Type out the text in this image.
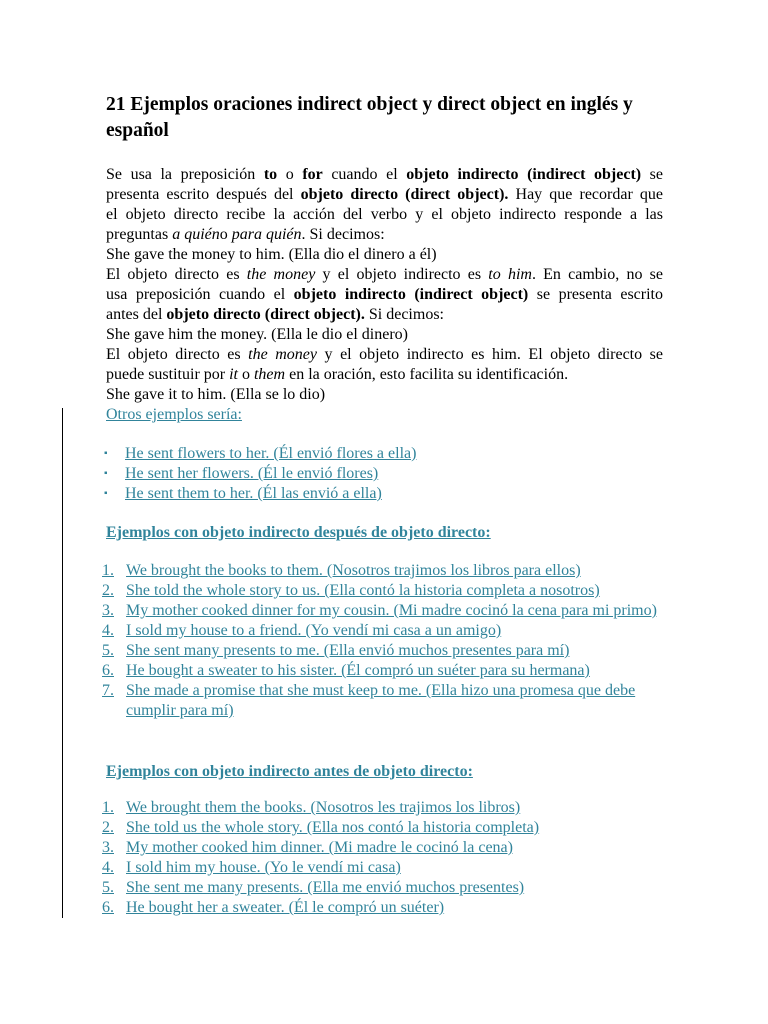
21 Ejemplos oraciones indirect object y direct object en inglés y español
Se usa la preposición to o for cuando el objeto indirecto (indirect object) se
presenta escrito después del objeto directo (direct object). Hay que recordar que
el objeto directo recibe la acción del verbo y el objeto indirecto responde a las
preguntas a quiéno para quién. Si decimos:
She gave the money to him. (Ella dio el dinero a él)
El objeto directo es the money y el objeto indirecto es to him. En cambio, no se
usa preposición cuando el objeto indirecto (indirect object) se presenta escrito
antes del objeto directo (direct object). Si decimos:
She gave him the money. (Ella le dio el dinero)
El objeto directo es the money y el objeto indirecto es him. El objeto directo se
puede sustituir por it o them en la oración, esto facilita su identificación.
She gave it to him. (Ella se lo dio)
Otros ejemplos sería:
▪ He sent flowers to her. (Él envió flores a ella)
▪ He sent her flowers. (Él le envió flores)
▪ He sent them to her. (Él las envió a ella)
Ejemplos con objeto indirecto después de objeto directo:
1. We brought the books to them. (Nosotros trajimos los libros para ellos)
2. She told the whole story to us. (Ella contó la historia completa a nosotros)
3. My mother cooked dinner for my cousin. (Mi madre cocinó la cena para mi primo)
4. I sold my house to a friend. (Yo vendí mi casa a un amigo)
5. She sent many presents to me. (Ella envió muchos presentes para mí)
6. He bought a sweater to his sister. (Él compró un suéter para su hermana)
7. She made a promise that she must keep to me. (Ella hizo una promesa que debe cumplir para mí)
Ejemplos con objeto indirecto antes de objeto directo:
1. We brought them the books. (Nosotros les trajimos los libros)
2. She told us the whole story. (Ella nos contó la historia completa)
3. My mother cooked him dinner. (Mi madre le cocinó la cena)
4. I sold him my house. (Yo le vendí mi casa)
5. She sent me many presents. (Ella me envió muchos presentes)
6. He bought her a sweater. (Él le compró un suéter)
